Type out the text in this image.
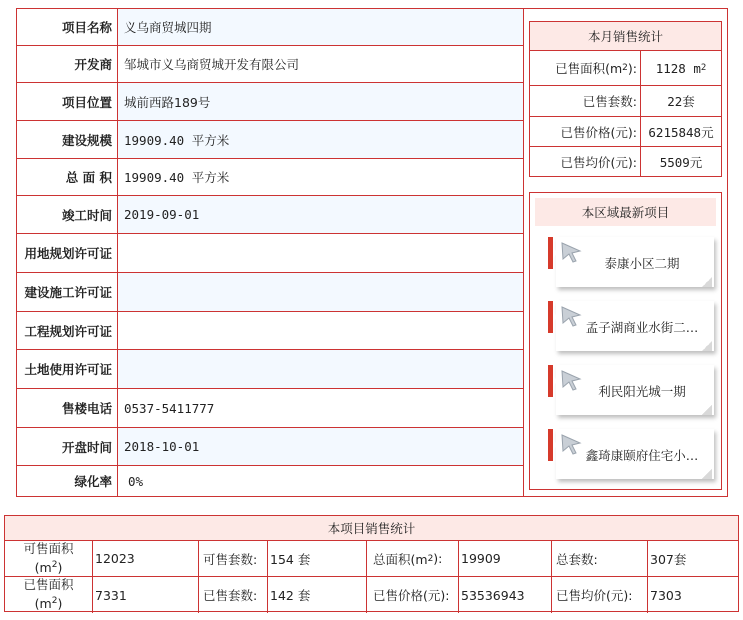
项目名称 义乌商贸城四期
开发商 邹城市义乌商贸城开发有限公司
项目位置 城前西路189号
建设规模 19909.40 平方米
总 面 积 19909.40 平方米
竣工时间 2019-09-01
用地规划许可证
建设施工许可证
工程规划许可证
土地使用许可证
售楼电话 0537-5411777
开盘时间 2018-10-01
绿化率	0%
本月销售统计
已售面积(m 2 ): 1128 m 2
已售套数:	22套
已售价格(元): 6215848元
已售均价(元):	5509元
本区域最新项目
泰康小区二期
孟子湖商业水街二…
利民阳光城一期
鑫琦康颐府住宅小…
本项目销售统计
可售面积
$(m^2)$
12023	可售套数:	154 套	总面积(m 2 ): 19909	总套数:	307套
已售面积
$(m^2)$
7331	已售套数:	142 套	已售价格(元): 53536943	已售均价(元):	7303
